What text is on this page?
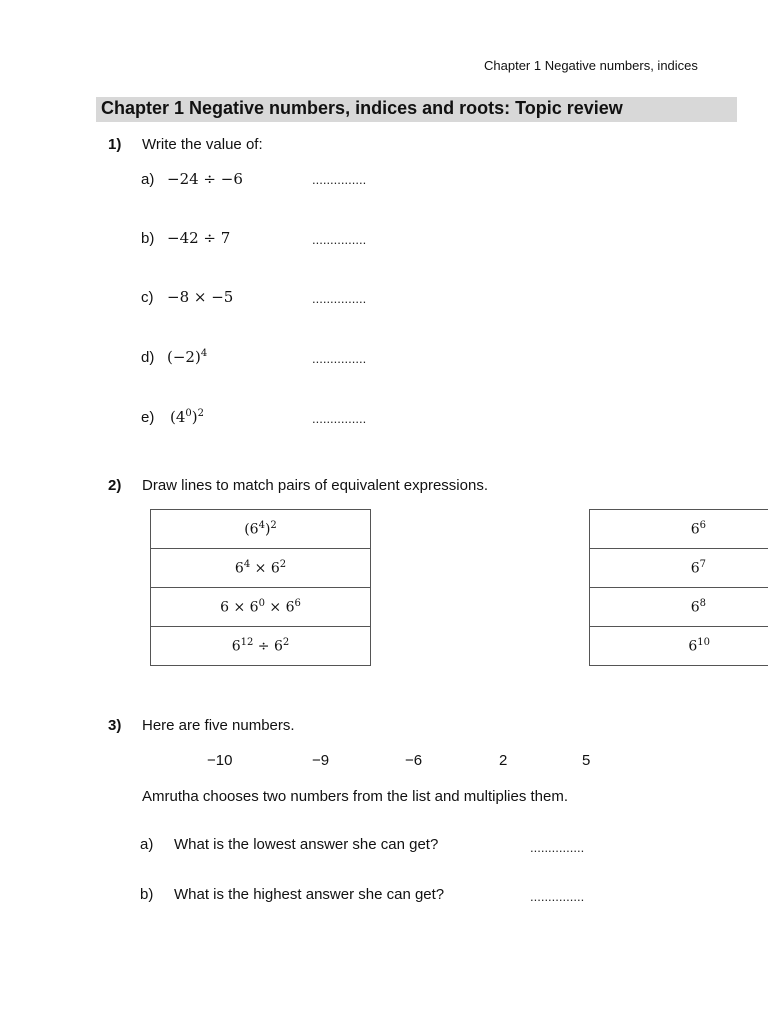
Chapter 1 Negative numbers, indices
Chapter 1 Negative numbers, indices and roots: Topic review
1) Write the value of:
a) −24 ÷ −6	...............
b) −42 ÷ 7	...............
c) −8 × −5	...............
d) $(-2)^4$	...............
e) $(4^0)^2$	...............
2) Draw lines to match pairs of equivalent expressions.
$(6^4)^2$
$6^4 \times 6^2$
$6 \times 6^0 \times 6^6$
$6^{12} \div 6^2$
$6^6$
$6^7$
$6^8$
$6^{10}$
3) Here are five numbers.
−10	−9	−6	2	5
Amrutha chooses two numbers from the list and multiplies them.
a) What is the lowest answer she can get?	...............
b) What is the highest answer she can get?	...............
